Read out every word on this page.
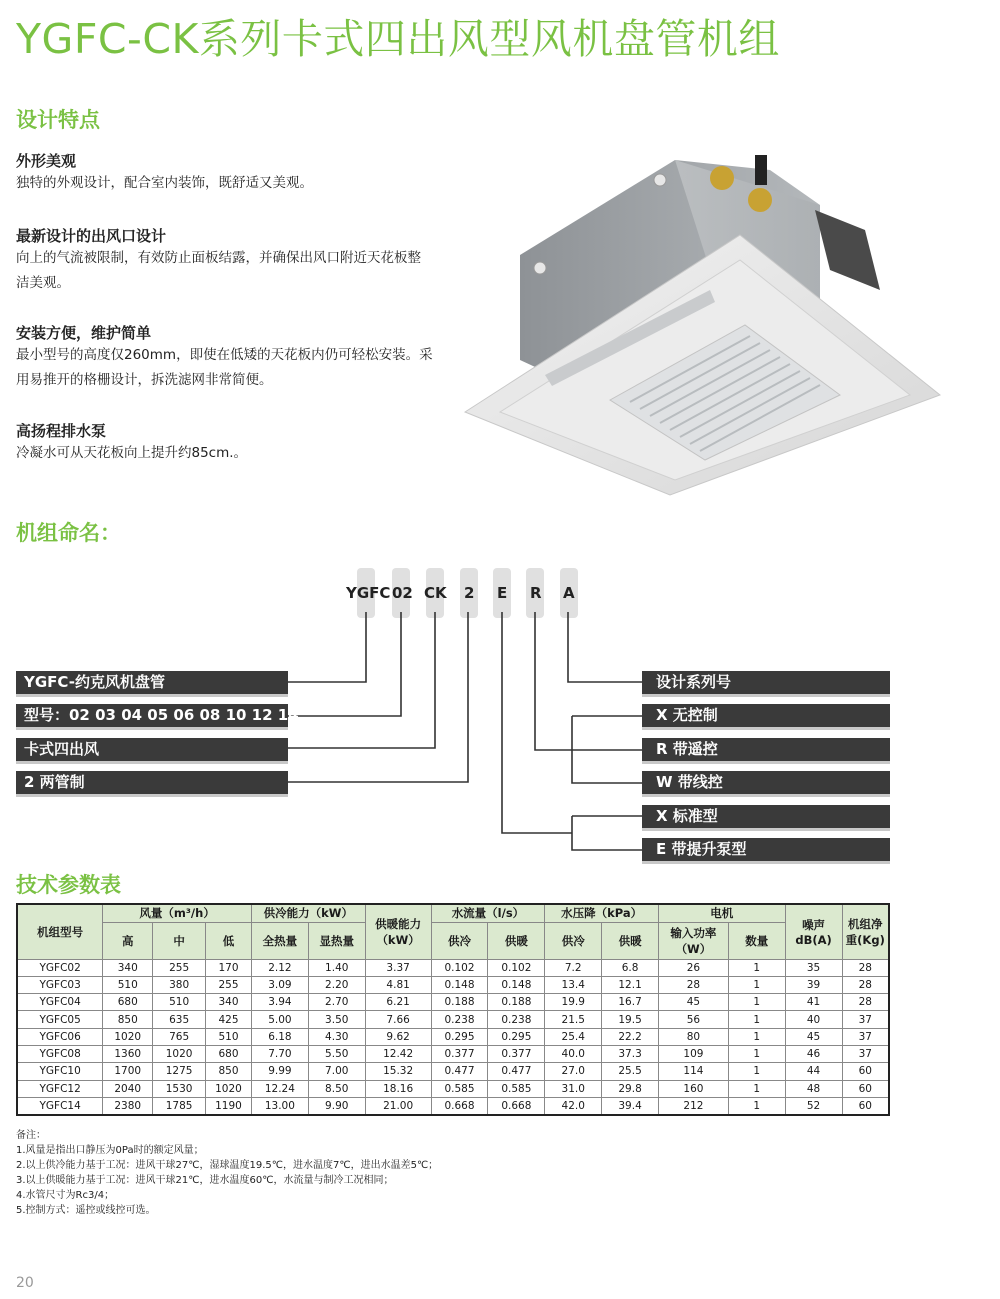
YGFC-CK系列卡式四出风型风机盘管机组
设计特点
外形美观
独特的外观设计，配合室内装饰，既舒适又美观。
最新设计的出风口设计
向上的气流被限制，有效防止面板结露，并确保出风口附近天花板整
洁美观。
安装方便，维护简单
最小型号的高度仅260mm，即使在低矮的天花板内仍可轻松安装。采
用易推开的格栅设计，拆洗滤网非常简便。
高扬程排水泵
冷凝水可从天花板向上提升约85cm.。
机组命名：
YGFC 02 CK 2 E R A
YGFC-约克风机盘管
型号：02 03 04 05 06 08 10 12 14
卡式四出风
2 两管制
设计系列号
X 无控制
R 带遥控
W 带线控
X 标准型
E 带提升泵型
技术参数表
机组型号	风量（m³/h）			供冷能力（kW）		供暖能力（kW）	水流量（l/s）		水压降（kPa）		电机		噪声 dB(A)	机组净重(Kg)
	高	中	低	全热量	显热量		供冷	供暖	供冷	供暖	输入功率（W）	数量		
YGFC02	340	255	170	2.12	1.40	3.37	0.102	0.102	7.2	6.8	26	1	35	28
YGFC03	510	380	255	3.09	2.20	4.81	0.148	0.148	13.4	12.1	28	1	39	28
YGFC04	680	510	340	3.94	2.70	6.21	0.188	0.188	19.9	16.7	45	1	41	28
YGFC05	850	635	425	5.00	3.50	7.66	0.238	0.238	21.5	19.5	56	1	40	37
YGFC06	1020	765	510	6.18	4.30	9.62	0.295	0.295	25.4	22.2	80	1	45	37
YGFC08	1360	1020	680	7.70	5.50	12.42	0.377	0.377	40.0	37.3	109	1	46	37
YGFC10	1700	1275	850	9.99	7.00	15.32	0.477	0.477	27.0	25.5	114	1	44	60
YGFC12	2040	1530	1020	12.24	8.50	18.16	0.585	0.585	31.0	29.8	160	1	48	60
YGFC14	2380	1785	1190	13.00	9.90	21.00	0.668	0.668	42.0	39.4	212	1	52	60
备注：
1.风量是指出口静压为0Pa时的额定风量；
2.以上供冷能力基于工况：进风干球27℃，湿球温度19.5℃，进水温度7℃，进出水温差5℃；
3.以上供暖能力基于工况：进风干球21℃，进水温度60℃，水流量与制冷工况相同；
4.水管尺寸为Rc3/4；
5.控制方式：遥控或线控可选。
20
